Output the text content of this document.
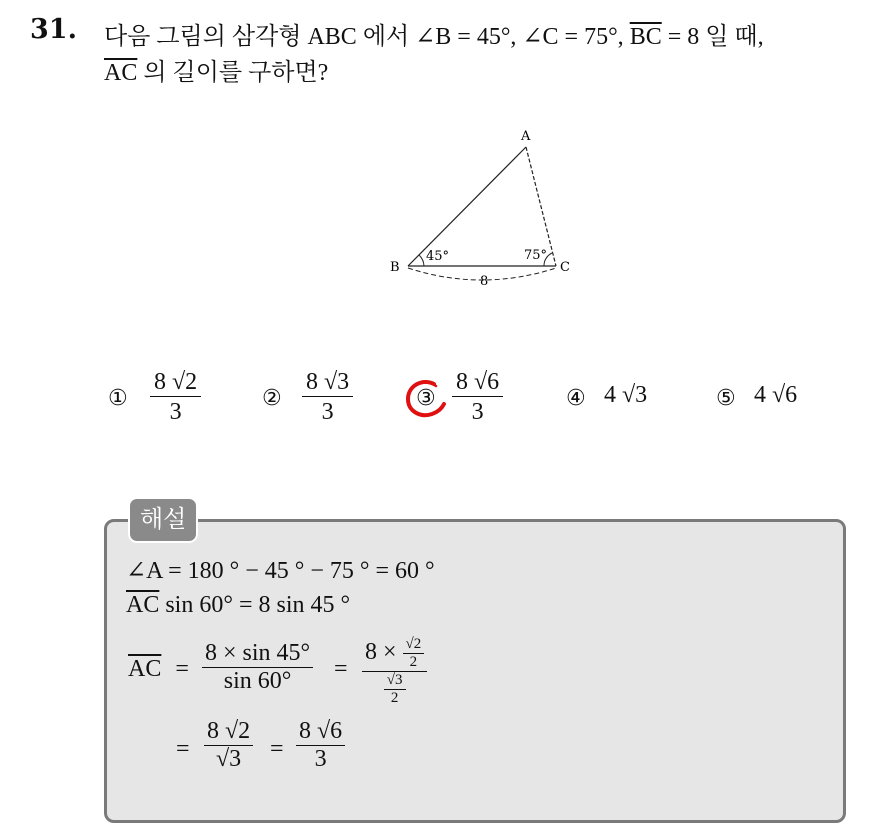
31. 다음 그림의 삼각형 ABC 에서 ∠B = 45°, ∠C = 75°, $\overline{BC} = 8$ 일 때,
$\overline{AC}$ 의 길이를 구하면?
A
B	C
45°	75°
8
① $\frac{8 √2}{3}$	② $\frac{8 √3}{3}$	③ $\frac{8 √6}{3}$	④ 4 √3	⑤ 4 √6
해설
∠A = 180 ° − 45 ° − 75 ° = 60 °
$\overline{AC}$ sin 60° = 8 sin 45 °
$\overline{AC} = \frac{8 \times \sin 45^\circ}{\sin 60^\circ} = \frac{8 \times \frac{√2}{2}}{\frac{√3}{2}}$
= $\frac{8 √2}{√3} = \frac{8 √6}{3}$
